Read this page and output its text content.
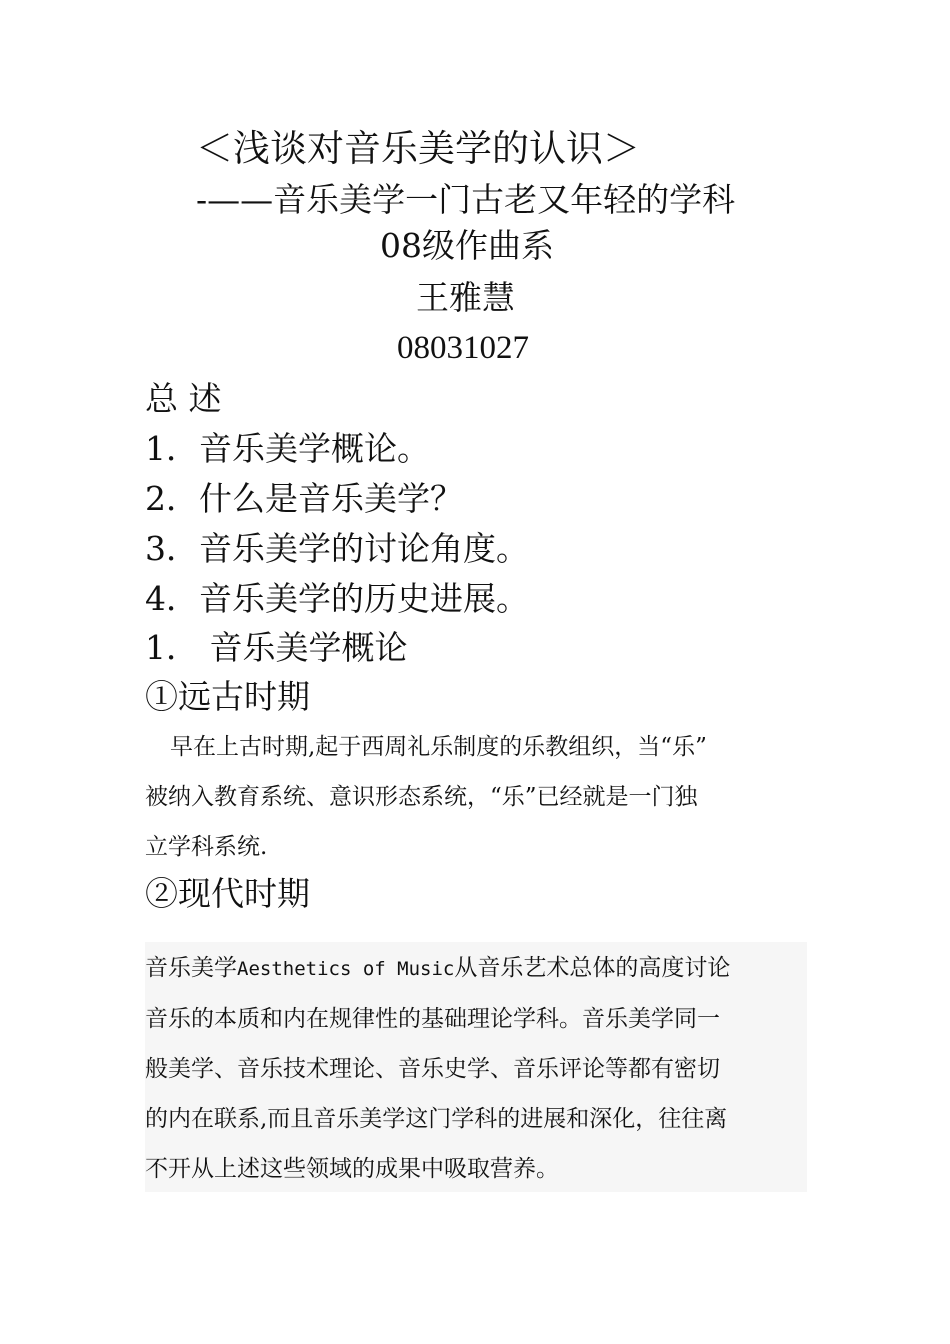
＜浅谈对音乐美学的认识＞
-——音乐美学一门古老又年轻的学科
08级作曲系
王雅慧
08031027
总 述
1．音乐美学概论。
2．什么是音乐美学？
3．音乐美学的讨论角度。
4．音乐美学的历史进展。
1． 音乐美学概论
①远古时期
早在上古时期,起于西周礼乐制度的乐教组织，当“乐”
被纳入教育系统、意识形态系统，“乐”已经就是一门独
立学科系统.
②现代时期
音乐美学Aesthetics of Music从音乐艺术总体的高度讨论
音乐的本质和内在规律性的基础理论学科。音乐美学同一
般美学、音乐技术理论、音乐史学、音乐评论等都有密切
的内在联系,而且音乐美学这门学科的进展和深化，往往离
不开从上述这些领域的成果中吸取营养。
